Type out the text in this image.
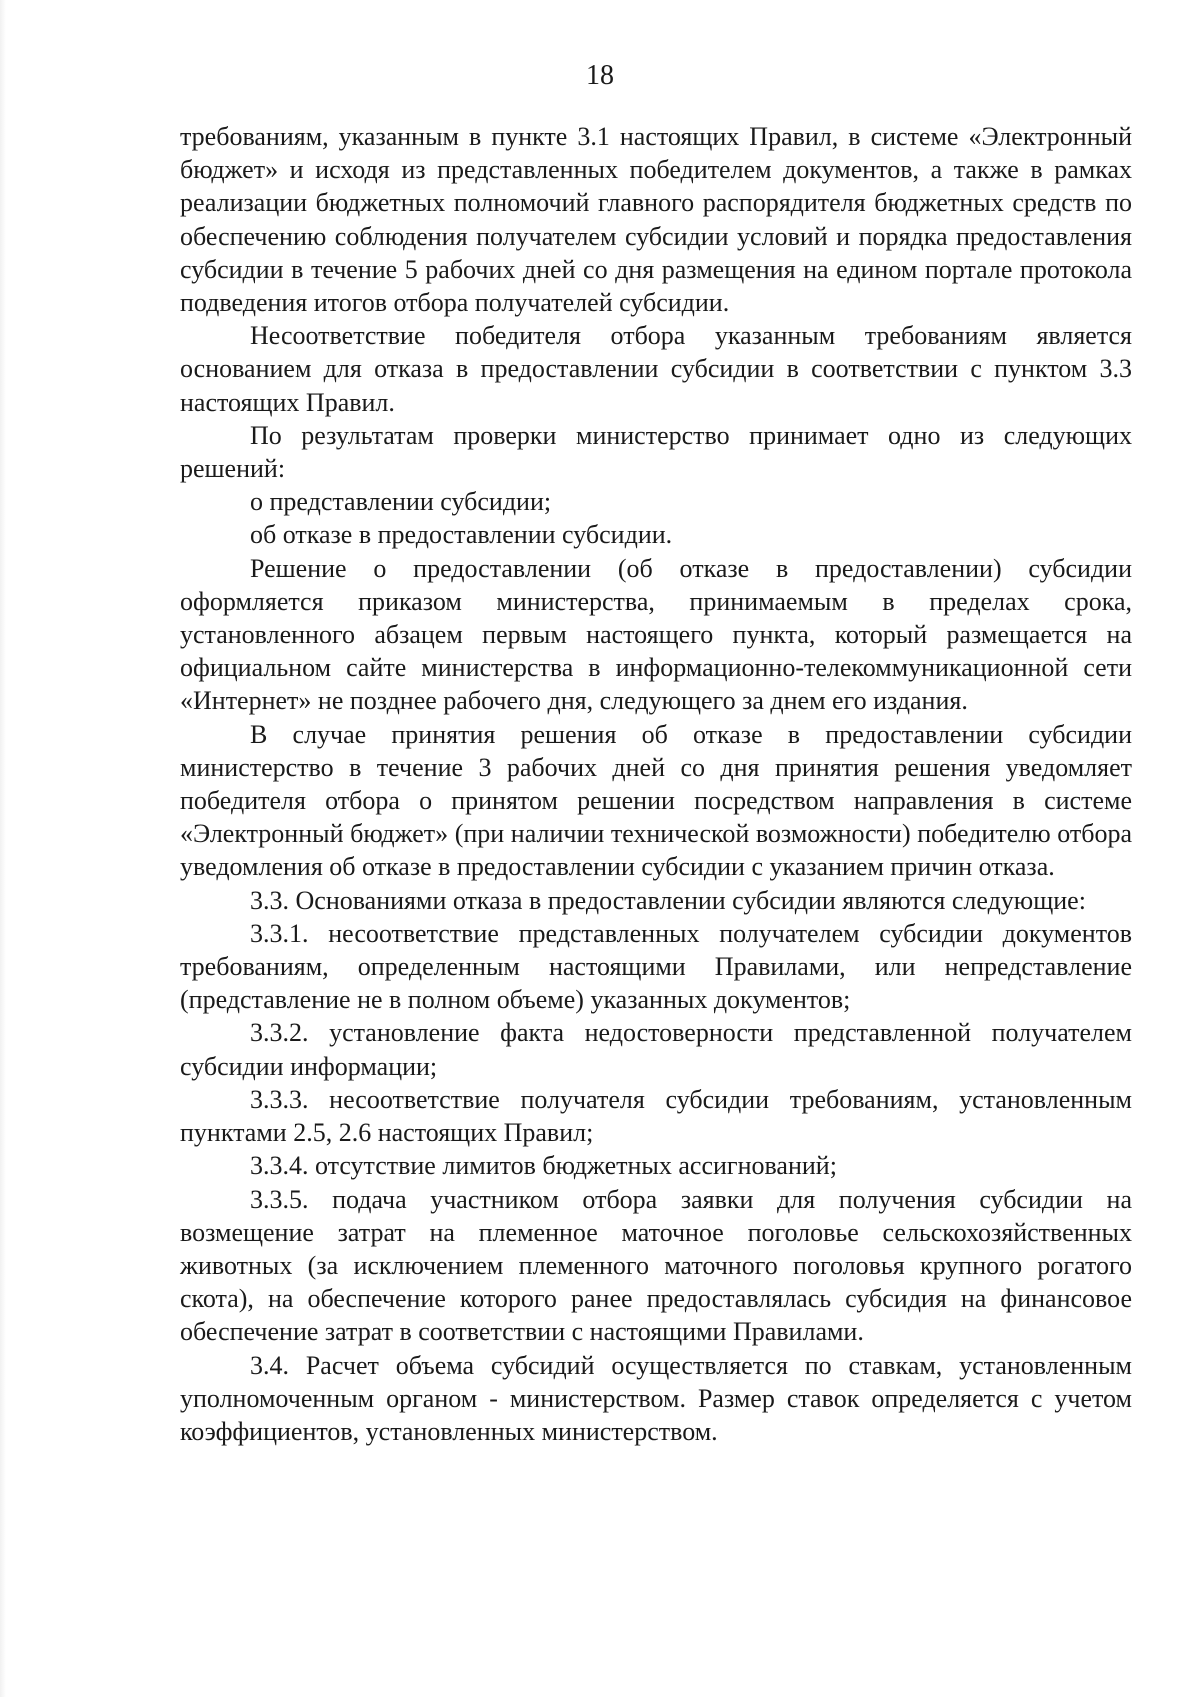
18

требованиям, указанным в пункте 3.1 настоящих Правил, в системе «Электронный бюджет» и исходя из представленных победителем документов, а также в рамках реализации бюджетных полномочий главного распорядителя бюджетных средств по обеспечению соблюдения получателем субсидии условий и порядка предоставления субсидии в течение 5 рабочих дней со дня размещения на едином портале протокола подведения итогов отбора получателей субсидии.

Несоответствие победителя отбора указанным требованиям является основанием для отказа в предоставлении субсидии в соответствии с пунктом 3.3 настоящих Правил.

По результатам проверки министерство принимает одно из следующих решений:

о представлении субсидии;

об отказе в предоставлении субсидии.

Решение о предоставлении (об отказе в предоставлении) субсидии оформляется приказом министерства, принимаемым в пределах срока, установленного абзацем первым настоящего пункта, который размещается на официальном сайте министерства в информационно-телекоммуникационной сети «Интернет» не позднее рабочего дня, следующего за днем его издания.

В случае принятия решения об отказе в предоставлении субсидии министерство в течение 3 рабочих дней со дня принятия решения уведомляет победителя отбора о принятом решении посредством направления в системе «Электронный бюджет» (при наличии технической возможности) победителю отбора уведомления об отказе в предоставлении субсидии с указанием причин отказа.

3.3. Основаниями отказа в предоставлении субсидии являются следующие:

3.3.1. несоответствие представленных получателем субсидии документов требованиям, определенным настоящими Правилами, или непредставление (представление не в полном объеме) указанных документов;

3.3.2. установление факта недостоверности представленной получателем субсидии информации;

3.3.3. несоответствие получателя субсидии требованиям, установленным пунктами 2.5, 2.6 настоящих Правил;

3.3.4. отсутствие лимитов бюджетных ассигнований;

3.3.5. подача участником отбора заявки для получения субсидии на возмещение затрат на племенное маточное поголовье сельскохозяйственных животных (за исключением племенного маточного поголовья крупного рогатого скота), на обеспечение которого ранее предоставлялась субсидия на финансовое обеспечение затрат в соответствии с настоящими Правилами.

3.4. Расчет объема субсидий осуществляется по ставкам, установленным уполномоченным органом - министерством. Размер ставок определяется с учетом коэффициентов, установленных министерством.
